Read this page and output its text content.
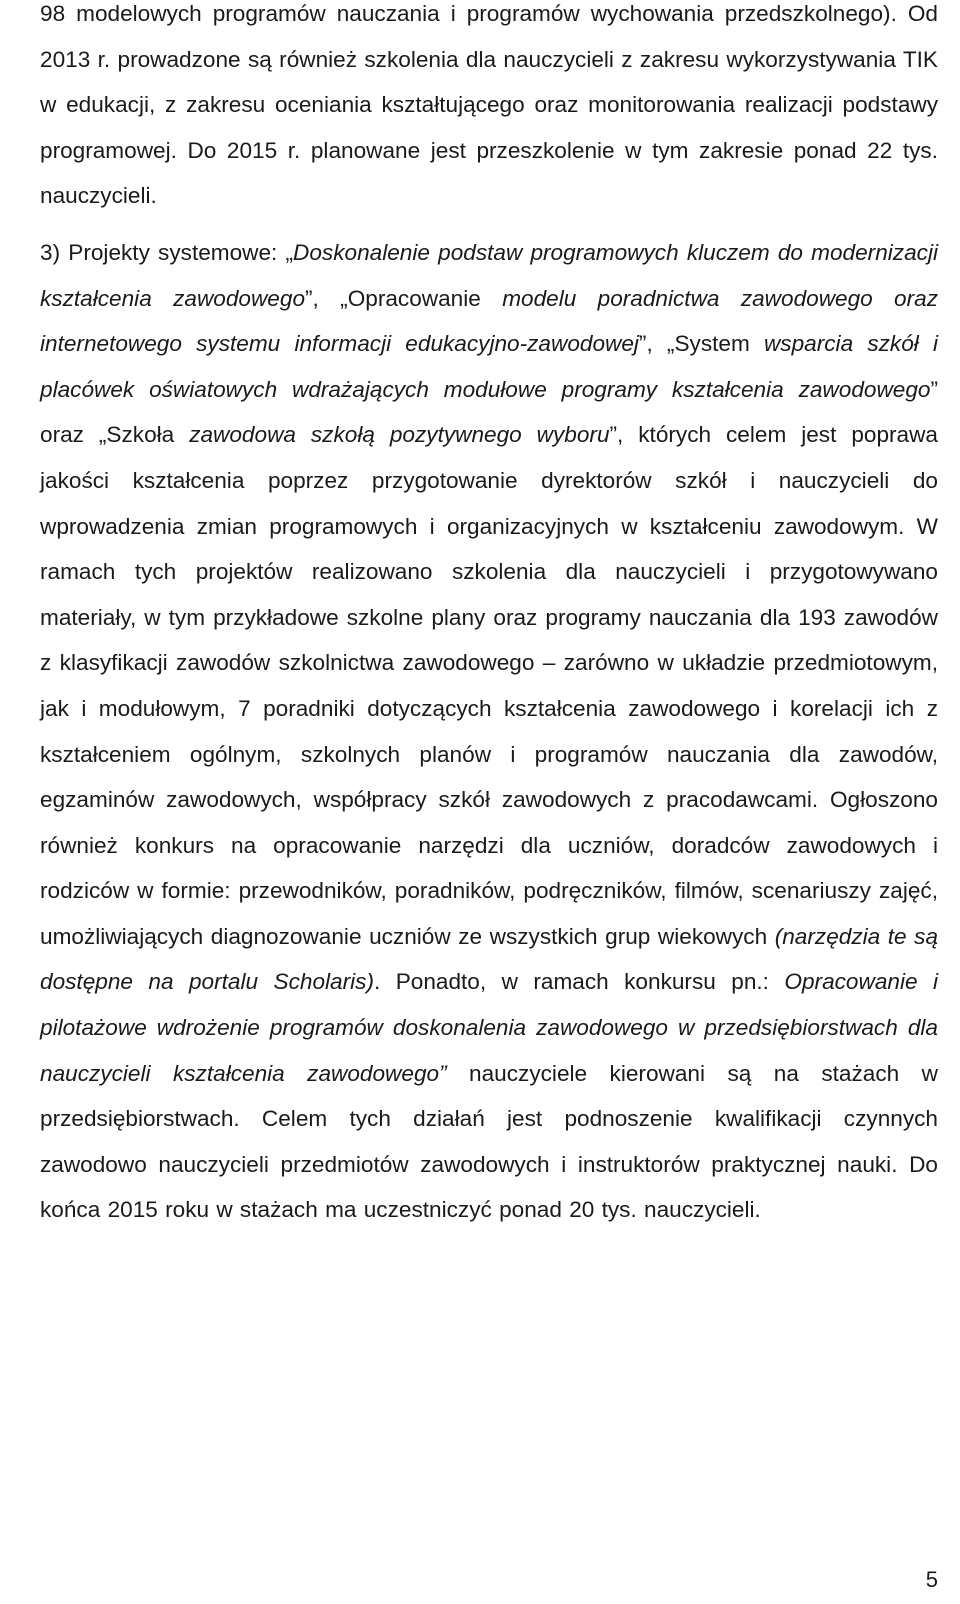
98 modelowych programów nauczania i programów wychowania przedszkolnego). Od 2013 r. prowadzone są również szkolenia dla nauczycieli z zakresu wykorzystywania TIK w edukacji, z zakresu oceniania kształtującego oraz monitorowania realizacji podstawy programowej. Do 2015 r. planowane jest przeszkolenie w tym zakresie ponad 22 tys. nauczycieli.

3) Projekty systemowe: „Doskonalenie podstaw programowych kluczem do modernizacji kształcenia zawodowego”, „Opracowanie modelu poradnictwa zawodowego oraz internetowego systemu informacji edukacyjno-zawodowej”, „System wsparcia szkół i placówek oświatowych wdrażających modułowe programy kształcenia zawodowego” oraz „Szkoła zawodowa szkołą pozytywnego wyboru”, których celem jest poprawa jakości kształcenia poprzez przygotowanie dyrektorów szkół i nauczycieli do wprowadzenia zmian programowych i organizacyjnych w kształceniu zawodowym. W ramach tych projektów realizowano szkolenia dla nauczycieli i przygotowywano materiały, w tym przykładowe szkolne plany oraz programy nauczania dla 193 zawodów z klasyfikacji zawodów szkolnictwa zawodowego – zarówno w układzie przedmiotowym, jak i modułowym, 7 poradniki dotyczących kształcenia zawodowego i korelacji ich z kształceniem ogólnym, szkolnych planów i programów nauczania dla zawodów, egzaminów zawodowych, współpracy szkół zawodowych z pracodawcami. Ogłoszono również konkurs na opracowanie narzędzi dla uczniów, doradców zawodowych i rodziców w formie: przewodników, poradników, podręczników, filmów, scenariuszy zajęć, umożliwiających diagnozowanie uczniów ze wszystkich grup wiekowych (narzędzia te są dostępne na portalu Scholaris). Ponadto, w ramach konkursu pn.: Opracowanie i pilotażowe wdrożenie programów doskonalenia zawodowego w przedsiębiorstwach dla nauczycieli kształcenia zawodowego” nauczyciele kierowani są na stażach w przedsiębiorstwach. Celem tych działań jest podnoszenie kwalifikacji czynnych zawodowo nauczycieli przedmiotów zawodowych i instruktorów praktycznej nauki. Do końca 2015 roku w stażach ma uczestniczyć ponad 20 tys. nauczycieli.

5
